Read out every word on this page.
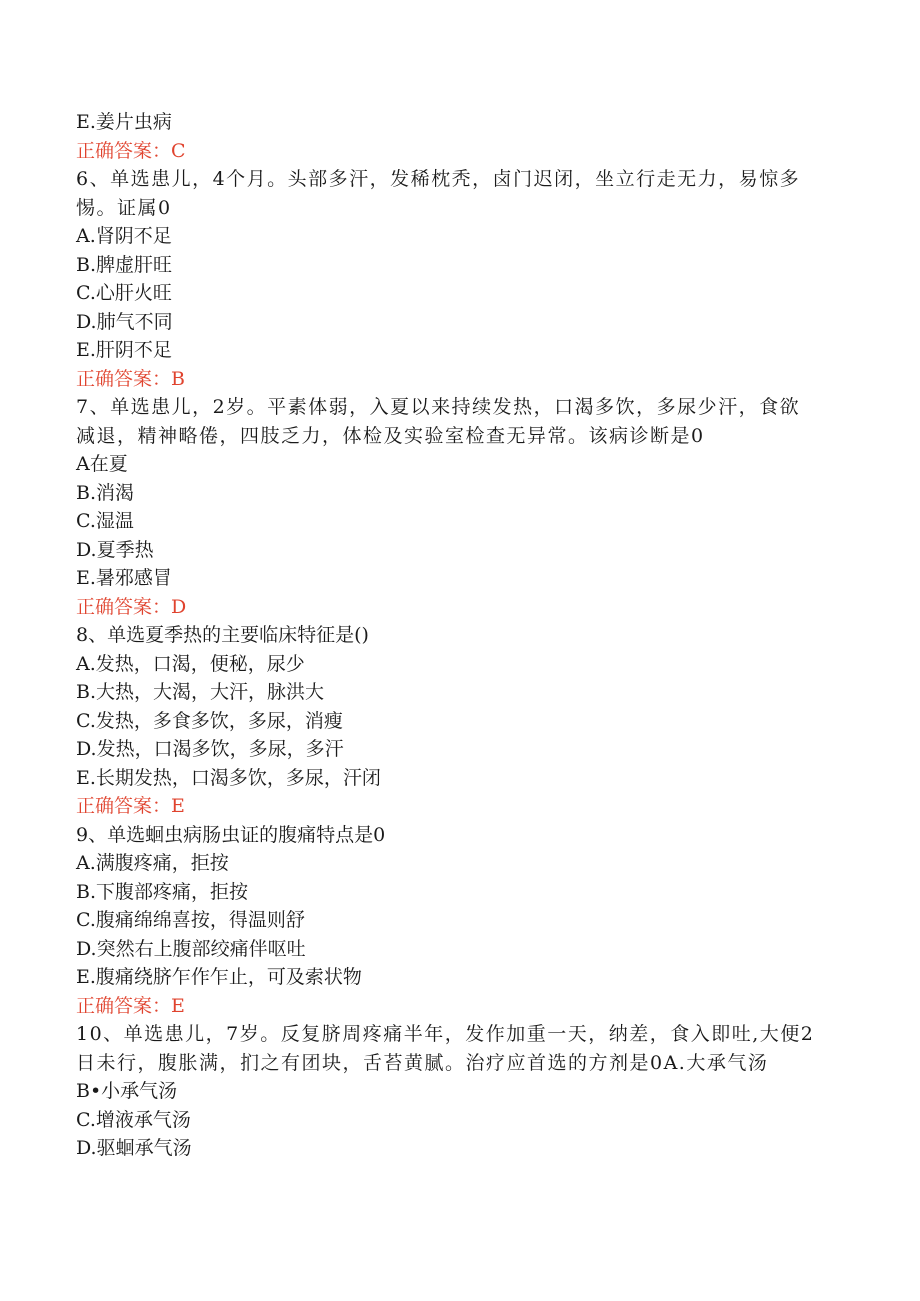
E.姜片虫病

正确答案：C

6、单选患儿，4个月。头部多汗，发稀枕秃，卤门迟闭，坐立行走无力，易惊多惕。证属0

A.肾阴不足

B.脾虚肝旺

C.心肝火旺

D.肺气不同

E.肝阴不足

正确答案：B

7、单选患儿，2岁。平素体弱，入夏以来持续发热，口渴多饮，多尿少汗，食欲减退，精神略倦，四肢乏力，体检及实验室检查无异常。该病诊断是0

A在夏

B.消渴

C.湿温

D.夏季热

E.暑邪感冒

正确答案：D

8、单选夏季热的主要临床特征是()

A.发热，口渴，便秘，尿少

B.大热，大渴，大汗，脉洪大

C.发热，多食多饮，多尿，消瘦

D.发热，口渴多饮，多尿，多汗

E.长期发热，口渴多饮，多尿，汗闭

正确答案：E

9、单选蛔虫病肠虫证的腹痛特点是0

A.满腹疼痛，拒按

B.下腹部疼痛，拒按

C.腹痛绵绵喜按，得温则舒

D.突然右上腹部绞痛伴呕吐

E.腹痛绕脐乍作乍止，可及索状物

正确答案：E

10、单选患儿，7岁。反复脐周疼痛半年，发作加重一天，纳差，食入即吐,大便2日未行，腹胀满，扪之有团块，舌苔黄腻。治疗应首选的方剂是0A.大承气汤

B•小承气汤

C.增液承气汤

D.驱蛔承气汤
